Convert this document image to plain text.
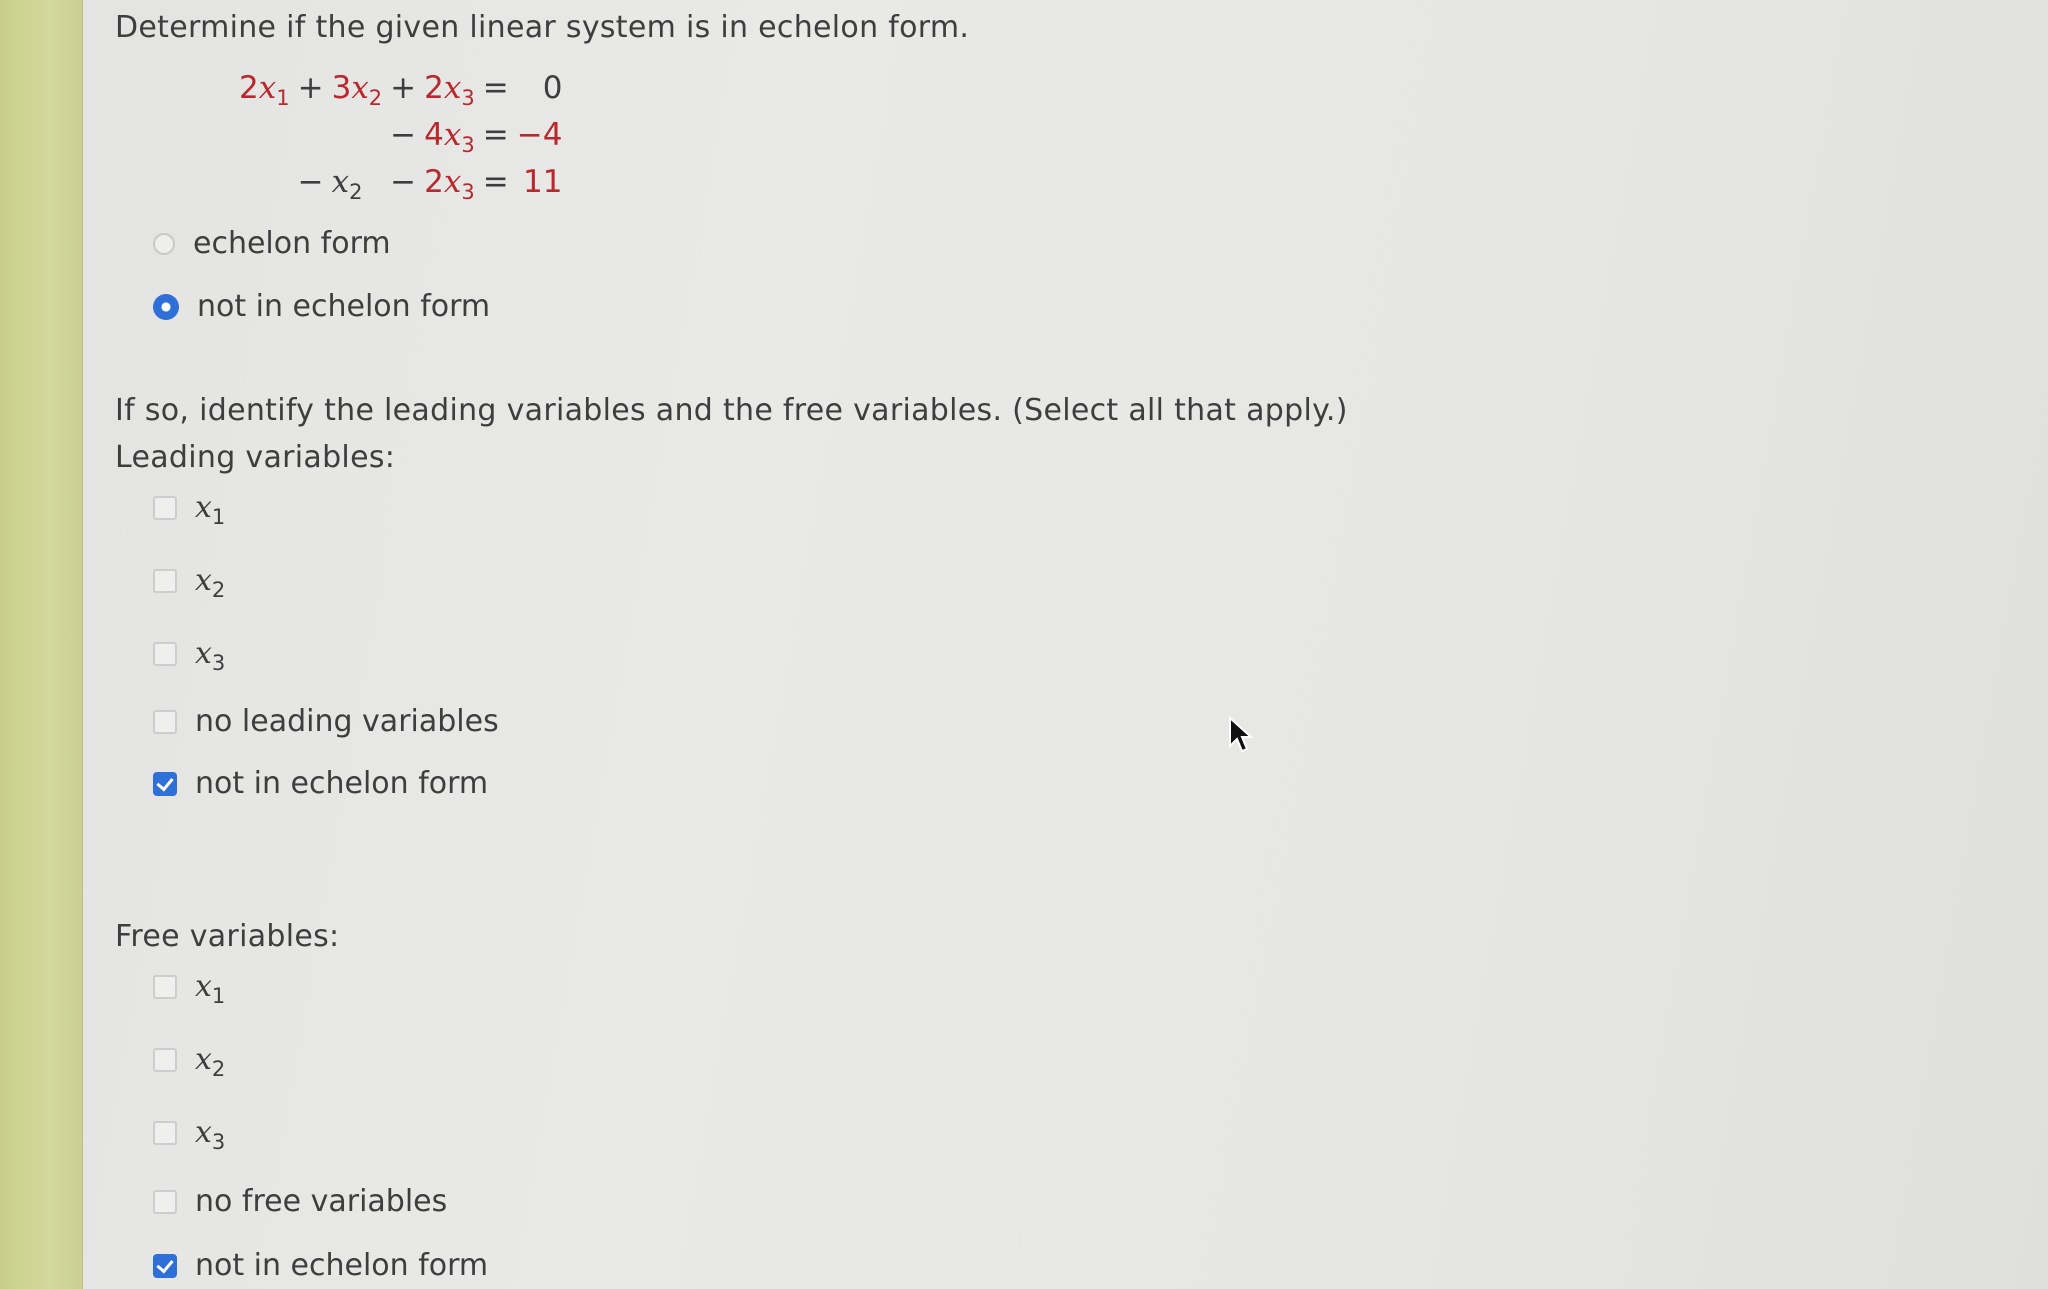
Determine if the given linear system is in echelon form.
$2x_1$	+	$3x_2$	+	$2x_3$	=	0
			−	$4x_3$	=	−4
	−	$x_2$	−	$2x_3$	=	11
echelon form
not in echelon form
If so, identify the leading variables and the free variables. (Select all that apply.)
Leading variables:
$x_1$
$x_2$
$x_3$
no leading variables
not in echelon form
Free variables:
$x_1$
$x_2$
$x_3$
no free variables
not in echelon form
